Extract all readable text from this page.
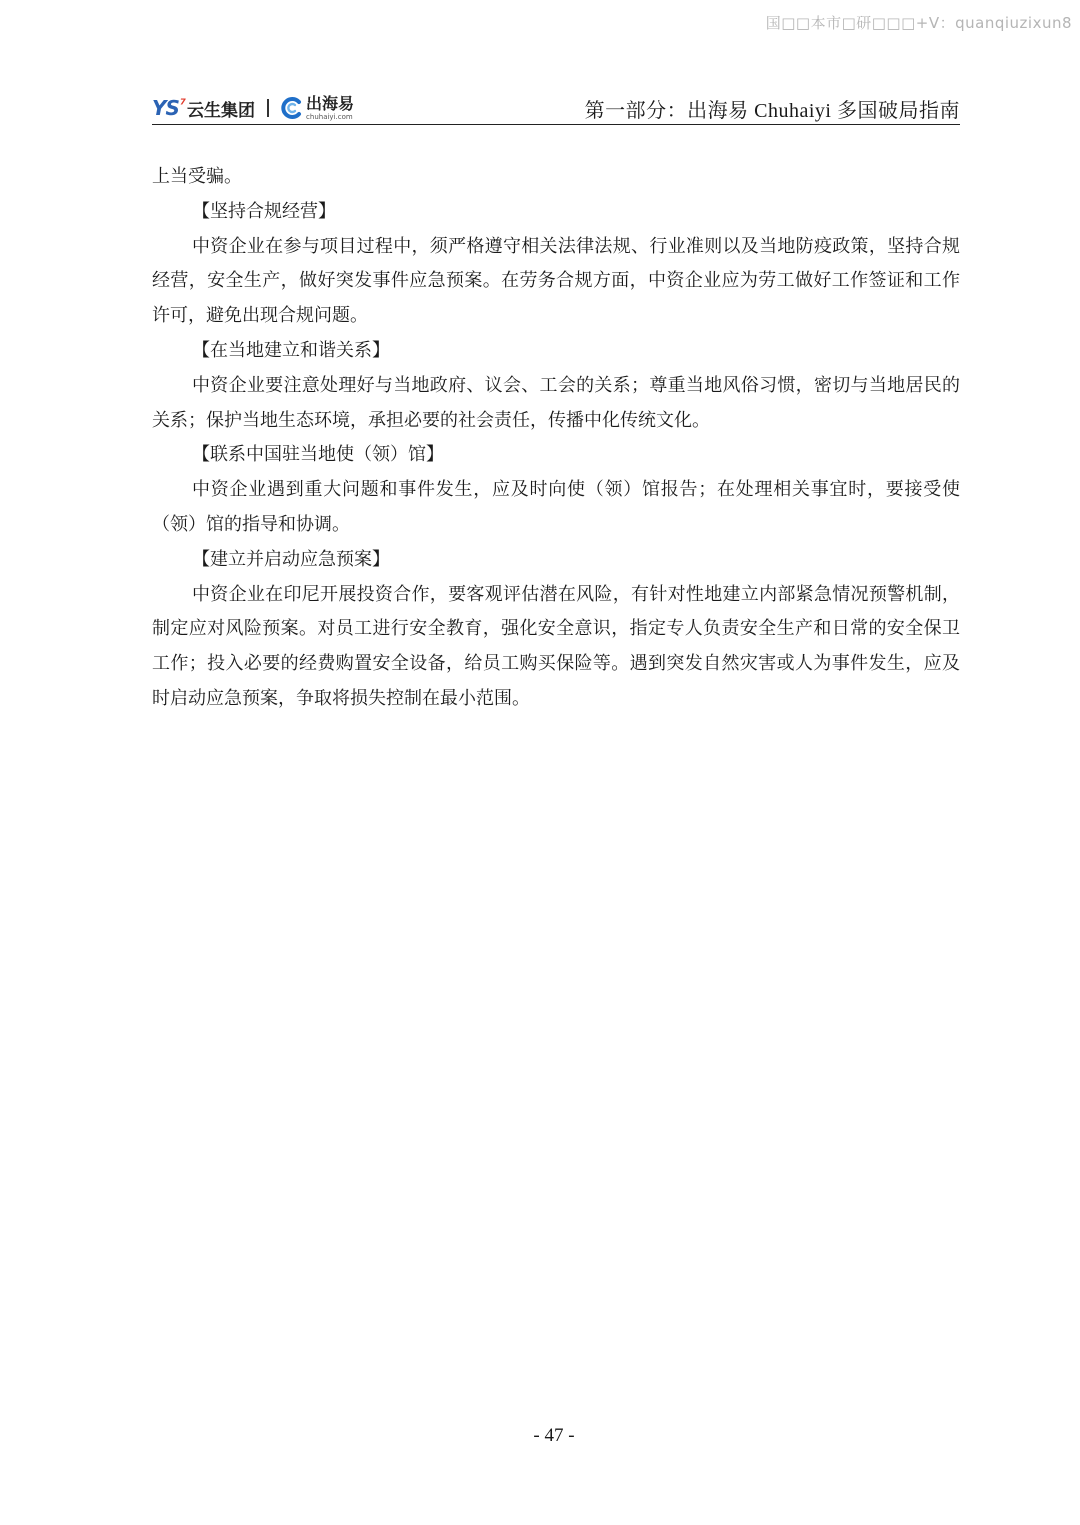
国□□本市□研□□□+V：quanqiuzixun8
$YS^{^7}$ 云生集团	出海易
chuhaiyi.com	第一部分：出海易 Chuhaiyi 多国破局指南

上当受骗。

【坚持合规经营】

中资企业在参与项目过程中，须严格遵守相关法律法规、行业准则以及当地防疫政策，坚持合规经营，安全生产，做好突发事件应急预案。在劳务合规方面，中资企业应为劳工做好工作签证和工作许可，避免出现合规问题。

【在当地建立和谐关系】

中资企业要注意处理好与当地政府、议会、工会的关系；尊重当地风俗习惯，密切与当地居民的关系；保护当地生态环境，承担必要的社会责任，传播中化传统文化。

【联系中国驻当地使（领）馆】

中资企业遇到重大问题和事件发生，应及时向使（领）馆报告；在处理相关事宜时，要接受使（领）馆的指导和协调。

【建立并启动应急预案】

中资企业在印尼开展投资合作，要客观评估潜在风险，有针对性地建立内部紧急情况预警机制，制定应对风险预案。对员工进行安全教育，强化安全意识，指定专人负责安全生产和日常的安全保卫工作；投入必要的经费购置安全设备，给员工购买保险等。遇到突发自然灾害或人为事件发生，应及时启动应急预案，争取将损失控制在最小范围。

- 47 -
